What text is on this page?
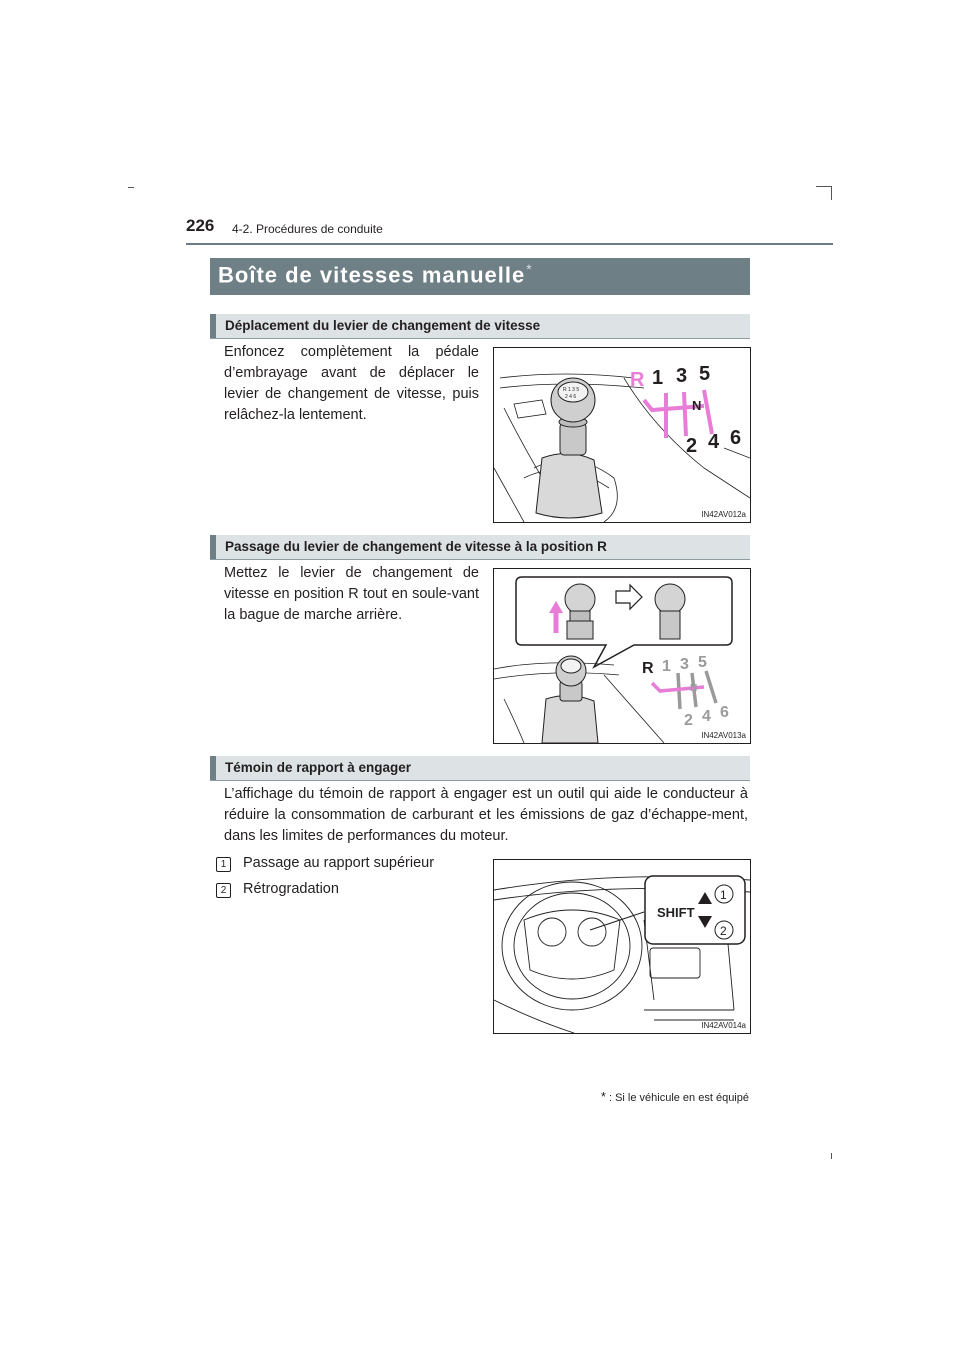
226 4-2. Procédures de conduite
Boîte de vitesses manuelle*
Déplacement du levier de changement de vitesse
Enfoncez complètement la pédale d’embrayage avant de déplacer le levier de changement de vitesse, puis relâchez-la lentement.
R 1 3 5
2 4 6
R 1 3 5
N
2 4 6
IN42AV012a
Passage du levier de changement de vitesse à la position R
Mettez le levier de changement de vitesse en position R tout en soule-vant la bague de marche arrière.
R 1 3 5
N
2 4 6
IN42AV013a
Témoin de rapport à engager
L’affichage du témoin de rapport à engager est un outil qui aide le conducteur à réduire la consommation de carburant et les émissions de gaz d’échappe-ment, dans les limites de performances du moteur.
1	Passage au rapport supérieur
2	Rétrogradation
SHIFT
1
2
IN42AV014a
* : Si le véhicule en est équipé
